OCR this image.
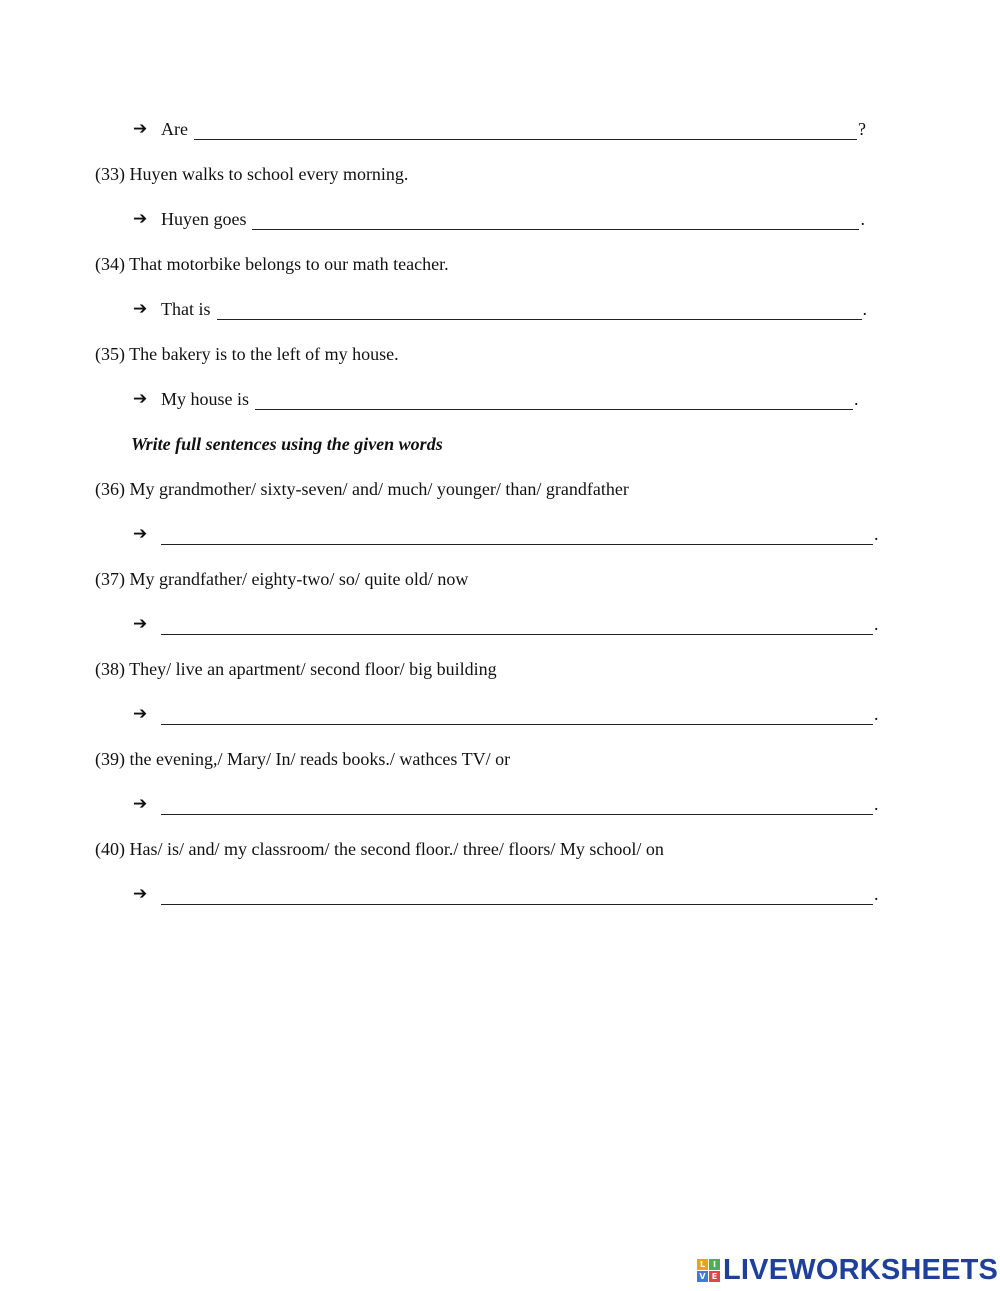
➔ Are	?
(33) Huyen walks to school every morning.
➔ Huyen goes	.
(34) That motorbike belongs to our math teacher.
➔ That is	.
(35) The bakery is to the left of my house.
➔ My house is	.
Write full sentences using the given words
(36) My grandmother/ sixty-seven/ and/ much/ younger/ than/ grandfather
➔	.
(37) My grandfather/ eighty-two/ so/ quite old/ now
➔	.
(38) They/ live an apartment/ second floor/ big building
➔	.
(39) the evening,/ Mary/ In/ reads books./ wathces TV/ or
➔	.
(40) Has/ is/ and/ my classroom/ the second floor./ three/ floors/ My school/ on
➔	.
L I
V E LIVEWORKSHEETS
